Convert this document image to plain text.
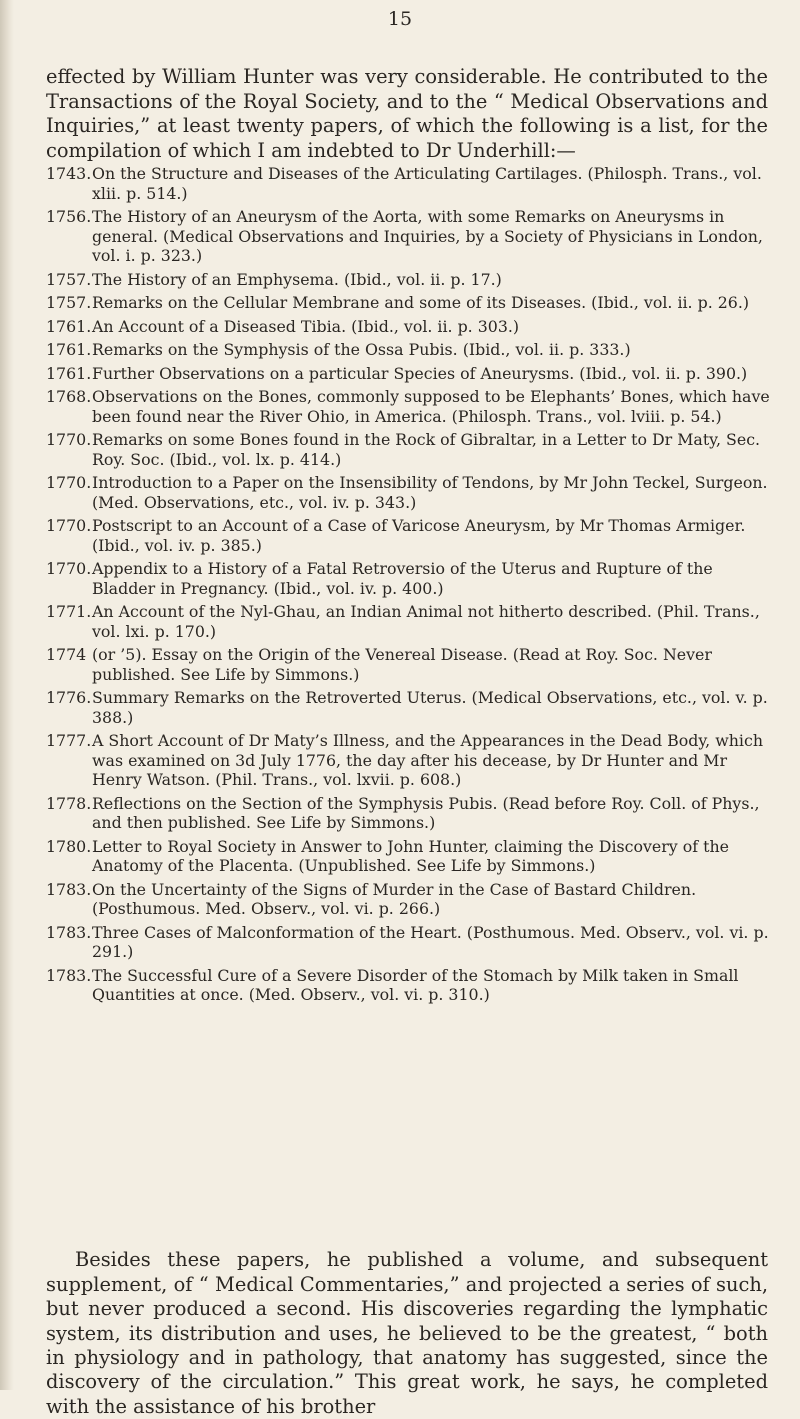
15

effected by William Hunter was very considerable. He contributed to the Transactions of the Royal Society, and to the “ Medical Observations and Inquiries,” at least twenty papers, of which the following is a list, for the compilation of which I am indebted to Dr Underhill:—

1743. On the Structure and Diseases of the Articulating Cartilages. (Philosph. Trans., vol. xlii. p. 514.)
1756. The History of an Aneurysm of the Aorta, with some Remarks on Aneurysms in general. (Medical Observations and Inquiries, by a Society of Physicians in London, vol. i. p. 323.)
1757. The History of an Emphysema. (Ibid., vol. ii. p. 17.)
1757. Remarks on the Cellular Membrane and some of its Diseases. (Ibid., vol. ii. p. 26.)
1761. An Account of a Diseased Tibia. (Ibid., vol. ii. p. 303.)
1761. Remarks on the Symphysis of the Ossa Pubis. (Ibid., vol. ii. p. 333.)
1761. Further Observations on a particular Species of Aneurysms. (Ibid., vol. ii. p. 390.)
1768. Observations on the Bones, commonly supposed to be Elephants’ Bones, which have been found near the River Ohio, in America. (Philosph. Trans., vol. lviii. p. 54.)
1770. Remarks on some Bones found in the Rock of Gibraltar, in a Letter to Dr Maty, Sec. Roy. Soc. (Ibid., vol. lx. p. 414.)
1770. Introduction to a Paper on the Insensibility of Tendons, by Mr John Teckel, Surgeon. (Med. Observations, etc., vol. iv. p. 343.)
1770. Postscript to an Account of a Case of Varicose Aneurysm, by Mr Thomas Armiger. (Ibid., vol. iv. p. 385.)
1770. Appendix to a History of a Fatal Retroversio of the Uterus and Rupture of the Bladder in Pregnancy. (Ibid., vol. iv. p. 400.)
1771. An Account of the Nyl-Ghau, an Indian Animal not hitherto described. (Phil. Trans., vol. lxi. p. 170.)
1774 (or ’5). Essay on the Origin of the Venereal Disease. (Read at Roy. Soc. Never published. See Life by Simmons.)
1776. Summary Remarks on the Retroverted Uterus. (Medical Observations, etc., vol. v. p. 388.)
1777. A Short Account of Dr Maty’s Illness, and the Appearances in the Dead Body, which was examined on 3d July 1776, the day after his decease, by Dr Hunter and Mr Henry Watson. (Phil. Trans., vol. lxvii. p. 608.)
1778. Reflections on the Section of the Symphysis Pubis. (Read before Roy. Coll. of Phys., and then published. See Life by Simmons.)
1780. Letter to Royal Society in Answer to John Hunter, claiming the Discovery of the Anatomy of the Placenta. (Unpublished. See Life by Simmons.)
1783. On the Uncertainty of the Signs of Murder in the Case of Bastard Children. (Posthumous. Med. Observ., vol. vi. p. 266.)
1783. Three Cases of Malconformation of the Heart. (Posthumous. Med. Observ., vol. vi. p. 291.)
1783. The Successful Cure of a Severe Disorder of the Stomach by Milk taken in Small Quantities at once. (Med. Observ., vol. vi. p. 310.)

Besides these papers, he published a volume, and subsequent supplement, of “ Medical Commentaries,” and projected a series of such, but never produced a second. His discoveries regarding the lymphatic system, its distribution and uses, he believed to be the greatest, “ both in physiology and in pathology, that anatomy has suggested, since the discovery of the circulation.” This great work, he says, he completed with the assistance of his brother
